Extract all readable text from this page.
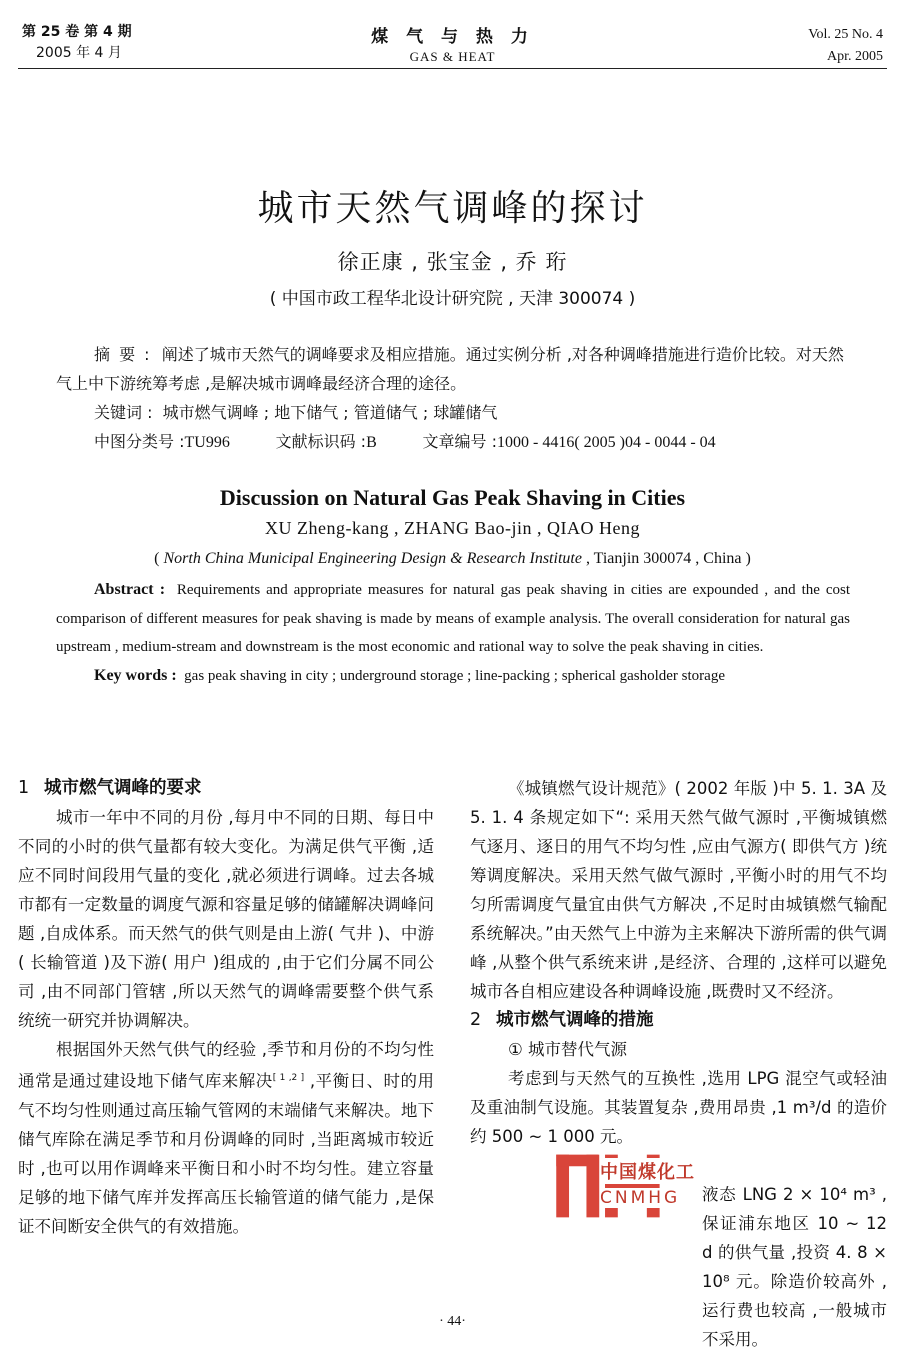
第 25 卷 第 4 期
2005 年 4 月
煤 气 与 热 力
GAS & HEAT
Vol. 25 No. 4
Apr. 2005
城市天然气调峰的探讨
徐正康 , 张宝金 , 乔 珩
( 中国市政工程华北设计研究院 , 天津 300074 )

摘 要 : 阐述了城市天然气的调峰要求及相应措施。通过实例分析 ,对各种调峰措施进行造价比较。对天然气上中下游统筹考虑 ,是解决城市调峰最经济合理的途径。

关键词 : 城市燃气调峰 ; 地下储气 ; 管道储气 ; 球罐储气

中图分类号 :TU996	文献标识码 :B	文章编号 :1000 - 4416( 2005 )04 - 0044 - 04

Discussion on Natural Gas Peak Shaving in Cities
XU Zheng-kang , ZHANG Bao-jin , QIAO Heng
( North China Municipal Engineering Design & Research Institute , Tianjin 300074 , China )

Abstract : Requirements and appropriate measures for natural gas peak shaving in cities are expounded , and the cost comparison of different measures for peak shaving is made by means of example analysis. The overall consideration for natural gas upstream , medium-stream and downstream is the most economic and rational way to solve the peak shaving in cities.

Key words : gas peak shaving in city ; underground storage ; line-packing ; spherical gasholder storage

1 城市燃气调峰的要求

城市一年中不同的月份 ,每月中不同的日期、每日中不同的小时的供气量都有较大变化。为满足供气平衡 ,适应不同时间段用气量的变化 ,就必须进行调峰。过去各城市都有一定数量的调度气源和容量足够的储罐解决调峰问题 ,自成体系。而天然气的供气则是由上游( 气井 )、中游( 长输管道 )及下游( 用户 )组成的 ,由于它们分属不同公司 ,由不同部门管辖 ,所以天然气的调峰需要整个供气系统统一研究并协调解决。

根据国外天然气供气的经验 ,季节和月份的不均匀性通常是通过建设地下储气库来解决[ 1 ,2 ] ,平衡日、时的用气不均匀性则通过高压输气管网的末端储气来解决。地下储气库除在满足季节和月份调峰的同时 ,当距离城市较近时 ,也可以用作调峰来平衡日和小时不均匀性。建立容量足够的地下储气库并发挥高压长输管道的储气能力 ,是保证不间断安全供气的有效措施。

《城镇燃气设计规范》( 2002 年版 )中 5. 1. 3A 及 5. 1. 4 条规定如下“: 采用天然气做气源时 ,平衡城镇燃气逐月、逐日的用气不均匀性 ,应由气源方( 即供气方 )统筹调度解决。采用天然气做气源时 ,平衡小时的用气不均匀所需调度气量宜由供气方解决 ,不足时由城镇燃气输配系统解决。”由天然气上中游为主来解决下游所需的供气调峰 ,从整个供气系统来讲 ,是经济、合理的 ,这样可以避免城市各自相应建设各种调峰设施 ,既费时又不经济。

2 城市燃气调峰的措施

① 城市替代气源

考虑到与天然气的互换性 ,选用 LPG 混空气或轻油及重油制气设施。其装置复杂 ,费用昂贵 ,1 m³/d 的造价约 500 ~ 1 000 元。

液态 LNG 2 × 10⁴ m³ ,保证浦东地区 10 ~ 12 d 的供气量 ,投资 4. 8 × 10⁸ 元。除造价较高外 ,运行费也较高 ,一般城市不采用。

中国煤化工
CNMHG
· 44·
